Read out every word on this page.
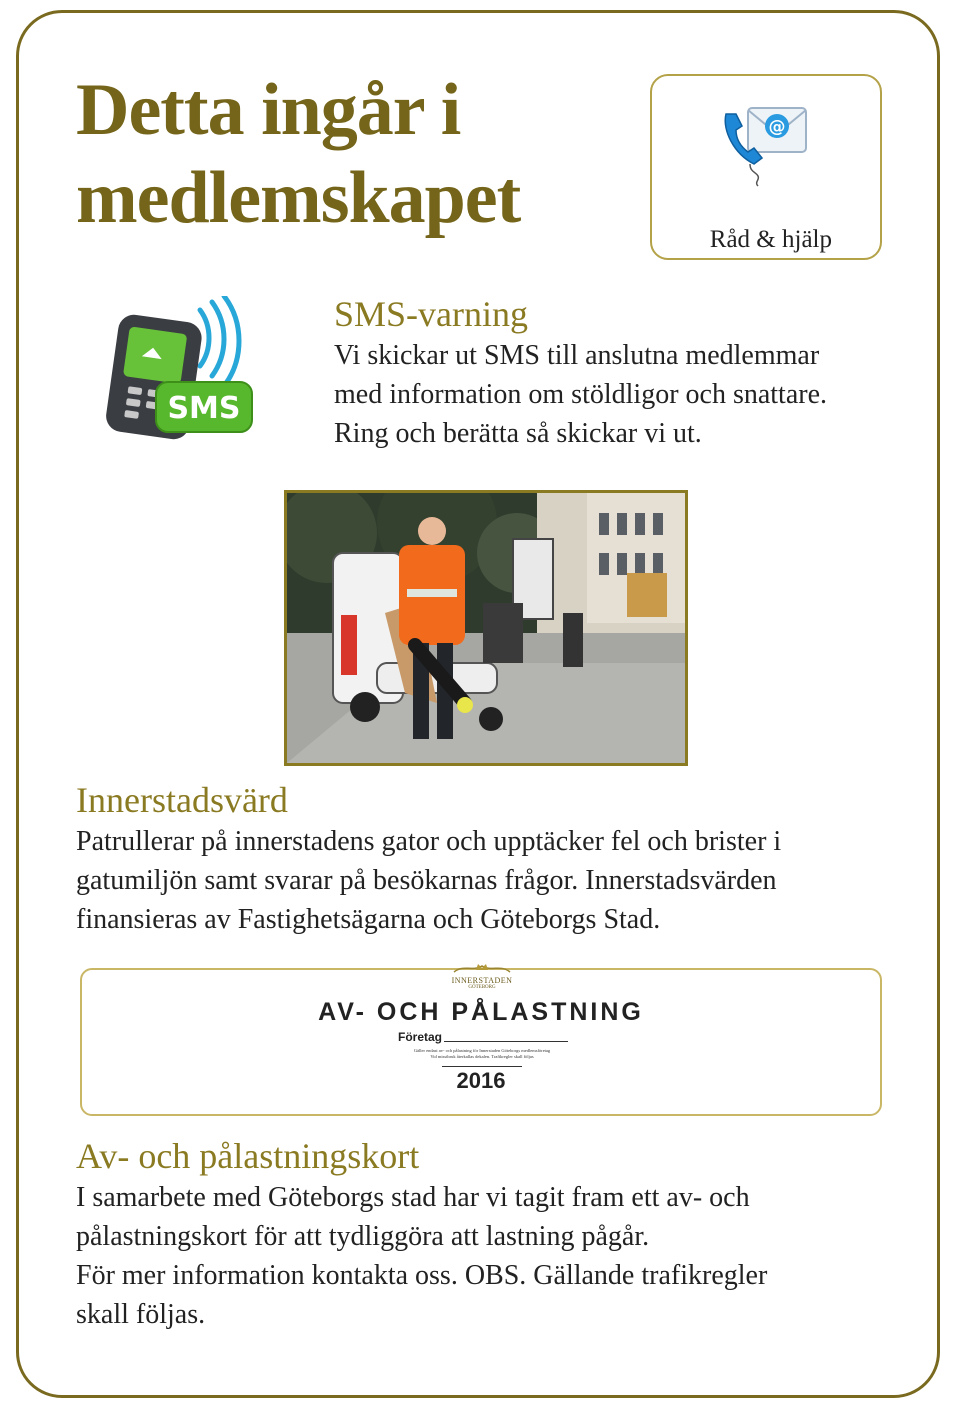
Detta ingår i
medlemskapet
@
Råd & hjälp
SMS
SMS-varning

Vi skickar ut SMS till anslutna medlemmar
med information om stöldligor och snattare.
Ring och berätta så skickar vi ut.

Innerstadsvärd

Patrullerar på innerstadens gator och upptäcker fel och brister i
gatumiljön samt svarar på besökarnas frågor. Innerstadsvärden
finansieras av Fastighetsägarna och Göteborgs Stad.

INNERSTADEN
GÖTEBORG
AV- OCH PÅLASTNING
Företag
Gäller endast av- och pålastning för Innerstaden Göteborgs medlemsföretag
Vid misstbruk återkallas dekalen. Trafikregler skall följas
2016
Av- och pålastningskort

I samarbete med Göteborgs stad har vi tagit fram ett av- och
pålastningskort för att tydliggöra att lastning pågår.
För mer information kontakta oss. OBS. Gällande trafikregler
skall följas.
